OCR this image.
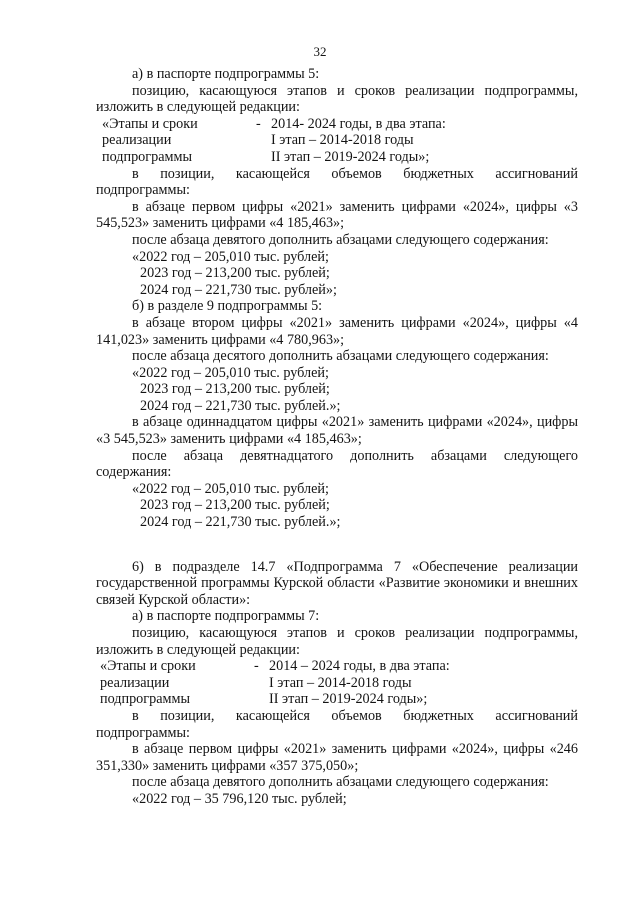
32

а) в паспорте подпрограммы 5:

позицию, касающуюся этапов и сроков реализации подпрограммы, изложить в следующей редакции:

«Этапы и сроки
реализации
подпрограммы
- 2014- 2024 годы, в два этапа:
I этап – 2014-2018 годы
II этап – 2019-2024 годы»;

в позиции, касающейся объемов бюджетных ассигнований подпрограммы:

в абзаце первом цифры «2021» заменить цифрами «2024», цифры «3 545,523» заменить цифрами «4 185,463»;

после абзаца девятого дополнить абзацами следующего содержания:

«2022 год – 205,010 тыс. рублей;

2023 год – 213,200 тыс. рублей;

2024 год – 221,730 тыс. рублей»;

б) в разделе 9 подпрограммы 5:

в абзаце втором цифры «2021» заменить цифрами «2024», цифры «4 141,023» заменить цифрами «4 780,963»;

после абзаца десятого дополнить абзацами следующего содержания:

«2022 год – 205,010 тыс. рублей;

2023 год – 213,200 тыс. рублей;

2024 год – 221,730 тыс. рублей.»;

в абзаце одиннадцатом цифры «2021» заменить цифрами «2024», цифры «3 545,523» заменить цифрами «4 185,463»;

после абзаца девятнадцатого дополнить абзацами следующего содержания:

«2022 год – 205,010 тыс. рублей;

2023 год – 213,200 тыс. рублей;

2024 год – 221,730 тыс. рублей.»;

6) в подразделе 14.7 «Подпрограмма 7 «Обеспечение реализации государственной программы Курской области «Развитие экономики и внешних связей Курской области»:

а) в паспорте подпрограммы 7:

позицию, касающуюся этапов и сроков реализации подпрограммы, изложить в следующей редакции:

«Этапы и сроки
реализации
подпрограммы
- 2014 – 2024 годы, в два этапа:
I этап – 2014-2018 годы
II этап – 2019-2024 годы»;

в позиции, касающейся объемов бюджетных ассигнований подпрограммы:

в абзаце первом цифры «2021» заменить цифрами «2024», цифры «246 351,330» заменить цифрами «357 375,050»;

после абзаца девятого дополнить абзацами следующего содержания:

«2022 год – 35 796,120 тыс. рублей;
